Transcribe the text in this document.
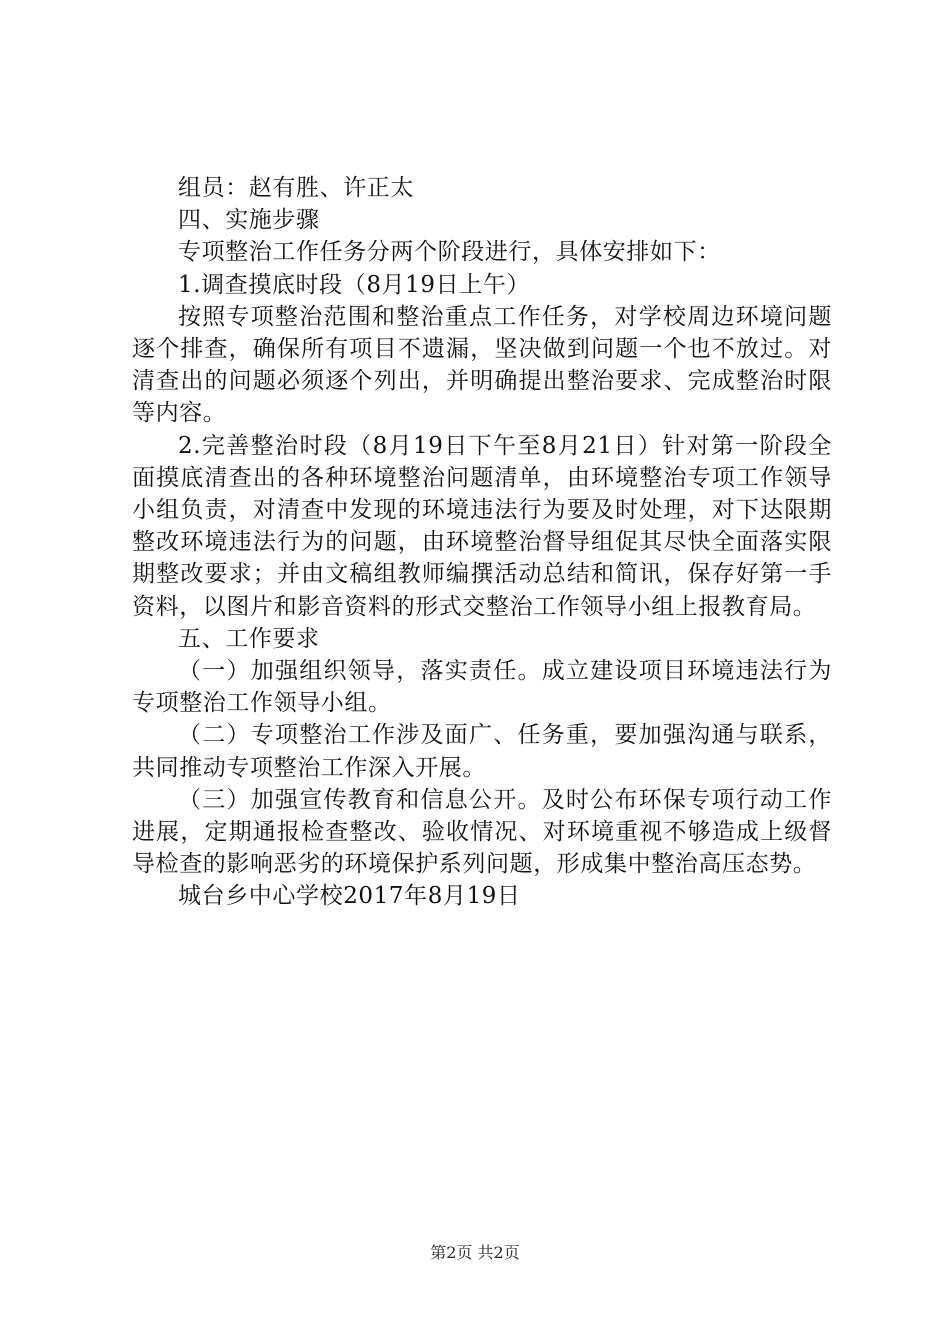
组员：赵有胜、许正太

四、实施步骤

专项整治工作任务分两个阶段进行，具体安排如下：

1.调查摸底时段（8月19日上午）

按照专项整治范围和整治重点工作任务，对学校周边环境问题逐个排查，确保所有项目不遗漏，坚决做到问题一个也不放过。对清查出的问题必须逐个列出，并明确提出整治要求、完成整治时限等内容。

2.完善整治时段（8月19日下午至8月21日）针对第一阶段全面摸底清查出的各种环境整治问题清单，由环境整治专项工作领导小组负责，对清查中发现的环境违法行为要及时处理，对下达限期整改环境违法行为的问题，由环境整治督导组促其尽快全面落实限期整改要求；并由文稿组教师编撰活动总结和简讯，保存好第一手资料，以图片和影音资料的形式交整治工作领导小组上报教育局。

五、工作要求

（一）加强组织领导，落实责任。成立建设项目环境违法行为专项整治工作领导小组。

（二）专项整治工作涉及面广、任务重，要加强沟通与联系，共同推动专项整治工作深入开展。

（三）加强宣传教育和信息公开。及时公布环保专项行动工作进展，定期通报检查整改、验收情况、对环境重视不够造成上级督导检查的影响恶劣的环境保护系列问题，形成集中整治高压态势。

城台乡中心学校2017年8月19日

第2页 共2页
